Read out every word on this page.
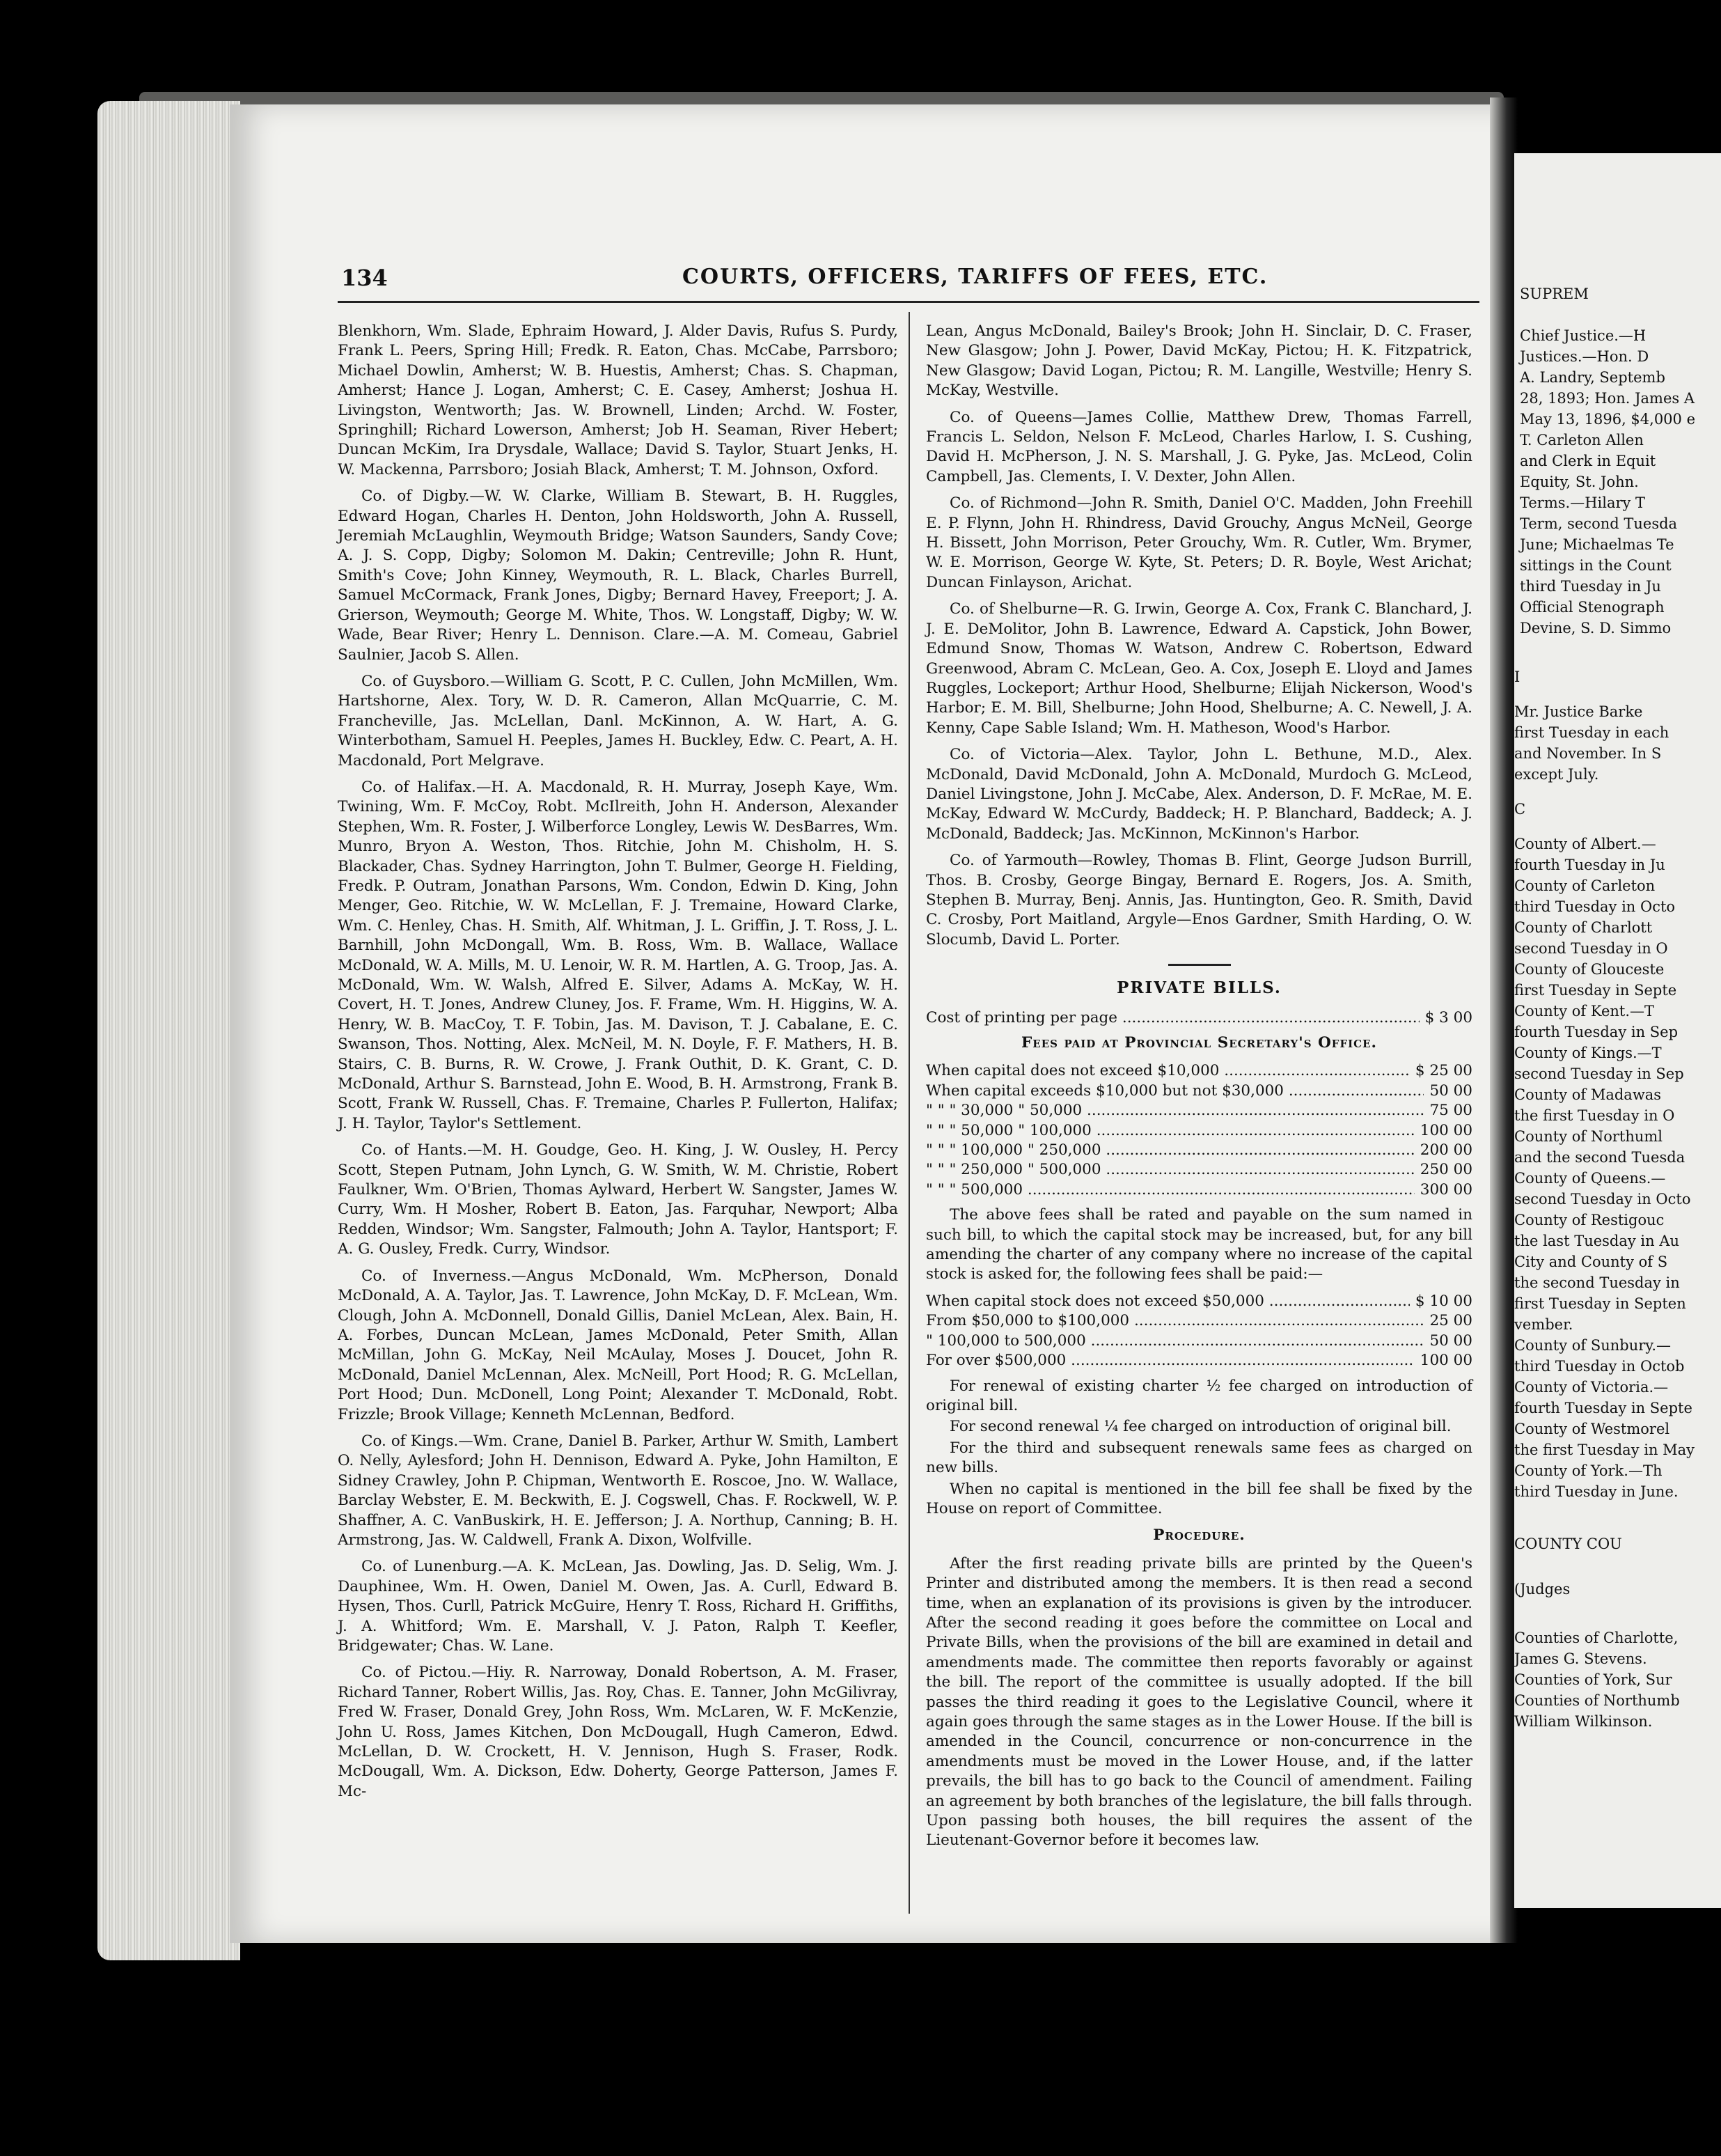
SUPREM
Chief Justice.—H
Justices.—Hon. D
A. Landry, Septemb
28, 1893; Hon. James A
May 13, 1896, $4,000 e
T. Carleton Allen
and Clerk in Equit
Equity, St. John.
Terms.—Hilary T
Term, second Tuesda
June; Michaelmas Te
sittings in the Count
third Tuesday in Ju
Official Stenograph
Devine, S. D. Simmo
I
Mr. Justice Barke
first Tuesday in each
and November. In S
except July.
C
County of Albert.—
fourth Tuesday in Ju
County of Carleton
third Tuesday in Octo
County of Charlott
second Tuesday in O
County of Glouceste
first Tuesday in Septe
County of Kent.—T
fourth Tuesday in Sep
County of Kings.—T
second Tuesday in Sep
County of Madawas
the first Tuesday in O
County of Northuml
and the second Tuesda
County of Queens.—
second Tuesday in Octo
County of Restigouc
the last Tuesday in Au
City and County of S
the second Tuesday in
first Tuesday in Septen
vember.
County of Sunbury.—
third Tuesday in Octob
County of Victoria.—
fourth Tuesday in Septe
County of Westmorel
the first Tuesday in May
County of York.—Th
third Tuesday in June.
COUNTY COU
(Judges
Counties of Charlotte,
James G. Stevens.
Counties of York, Sur
Counties of Northumb
William Wilkinson.
134	COURTS, OFFICERS, TARIFFS OF FEES, ETC.

Blenkhorn, Wm. Slade, Ephraim Howard, J. Alder Davis, Rufus S. Purdy, Frank L. Peers, Spring Hill; Fredk. R. Eaton, Chas. McCabe, Parrsboro; Michael Dowlin, Amherst; W. B. Huestis, Amherst; Chas. S. Chapman, Amherst; Hance J. Logan, Amherst; C. E. Casey, Amherst; Joshua H. Livingston, Wentworth; Jas. W. Brownell, Linden; Archd. W. Foster, Springhill; Richard Lowerson, Amherst; Job H. Seaman, River Hebert; Duncan McKim, Ira Drysdale, Wallace; David S. Taylor, Stuart Jenks, H. W. Mackenna, Parrsboro; Josiah Black, Amherst; T. M. Johnson, Oxford.

Co. of Digby.—W. W. Clarke, William B. Stewart, B. H. Ruggles, Edward Hogan, Charles H. Denton, John Holdsworth, John A. Russell, Jeremiah McLaughlin, Weymouth Bridge; Watson Saunders, Sandy Cove; A. J. S. Copp, Digby; Solomon M. Dakin; Centreville; John R. Hunt, Smith's Cove; John Kinney, Weymouth, R. L. Black, Charles Burrell, Samuel McCormack, Frank Jones, Digby; Bernard Havey, Freeport; J. A. Grierson, Weymouth; George M. White, Thos. W. Longstaff, Digby; W. W. Wade, Bear River; Henry L. Dennison. Clare.—A. M. Comeau, Gabriel Saulnier, Jacob S. Allen.

Co. of Guysboro.—William G. Scott, P. C. Cullen, John McMillen, Wm. Hartshorne, Alex. Tory, W. D. R. Cameron, Allan McQuarrie, C. M. Francheville, Jas. McLellan, Danl. McKinnon, A. W. Hart, A. G. Winterbotham, Samuel H. Peeples, James H. Buckley, Edw. C. Peart, A. H. Macdonald, Port Melgrave.

Co. of Halifax.—H. A. Macdonald, R. H. Murray, Joseph Kaye, Wm. Twining, Wm. F. McCoy, Robt. McIlreith, John H. Anderson, Alexander Stephen, Wm. R. Foster, J. Wilberforce Longley, Lewis W. DesBarres, Wm. Munro, Bryon A. Weston, Thos. Ritchie, John M. Chisholm, H. S. Blackader, Chas. Sydney Harrington, John T. Bulmer, George H. Fielding, Fredk. P. Outram, Jonathan Parsons, Wm. Condon, Edwin D. King, John Menger, Geo. Ritchie, W. W. McLellan, F. J. Tremaine, Howard Clarke, Wm. C. Henley, Chas. H. Smith, Alf. Whitman, J. L. Griffin, J. T. Ross, J. L. Barnhill, John McDongall, Wm. B. Ross, Wm. B. Wallace, Wallace McDonald, W. A. Mills, M. U. Lenoir, W. R. M. Hartlen, A. G. Troop, Jas. A. McDonald, Wm. W. Walsh, Alfred E. Silver, Adams A. McKay, W. H. Covert, H. T. Jones, Andrew Cluney, Jos. F. Frame, Wm. H. Higgins, W. A. Henry, W. B. MacCoy, T. F. Tobin, Jas. M. Davison, T. J. Cabalane, E. C. Swanson, Thos. Notting, Alex. McNeil, M. N. Doyle, F. F. Mathers, H. B. Stairs, C. B. Burns, R. W. Crowe, J. Frank Outhit, D. K. Grant, C. D. McDonald, Arthur S. Barnstead, John E. Wood, B. H. Armstrong, Frank B. Scott, Frank W. Russell, Chas. F. Tremaine, Charles P. Fullerton, Halifax; J. H. Taylor, Taylor's Settlement.

Co. of Hants.—M. H. Goudge, Geo. H. King, J. W. Ousley, H. Percy Scott, Stepen Putnam, John Lynch, G. W. Smith, W. M. Christie, Robert Faulkner, Wm. O'Brien, Thomas Aylward, Herbert W. Sangster, James W. Curry, Wm. H Mosher, Robert B. Eaton, Jas. Farquhar, Newport; Alba Redden, Windsor; Wm. Sangster, Falmouth; John A. Taylor, Hantsport; F. A. G. Ousley, Fredk. Curry, Windsor.

Co. of Inverness.—Angus McDonald, Wm. McPherson, Donald McDonald, A. A. Taylor, Jas. T. Lawrence, John McKay, D. F. McLean, Wm. Clough, John A. McDonnell, Donald Gillis, Daniel McLean, Alex. Bain, H. A. Forbes, Duncan McLean, James McDonald, Peter Smith, Allan McMillan, John G. McKay, Neil McAulay, Moses J. Doucet, John R. McDonald, Daniel McLennan, Alex. McNeill, Port Hood; R. G. McLellan, Port Hood; Dun. McDonell, Long Point; Alexander T. McDonald, Robt. Frizzle; Brook Village; Kenneth McLennan, Bedford.

Co. of Kings.—Wm. Crane, Daniel B. Parker, Arthur W. Smith, Lambert O. Nelly, Aylesford; John H. Dennison, Edward A. Pyke, John Hamilton, E Sidney Crawley, John P. Chipman, Wentworth E. Roscoe, Jno. W. Wallace, Barclay Webster, E. M. Beckwith, E. J. Cogswell, Chas. F. Rockwell, W. P. Shaffner, A. C. VanBuskirk, H. E. Jefferson; J. A. Northup, Canning; B. H. Armstrong, Jas. W. Caldwell, Frank A. Dixon, Wolfville.

Co. of Lunenburg.—A. K. McLean, Jas. Dowling, Jas. D. Selig, Wm. J. Dauphinee, Wm. H. Owen, Daniel M. Owen, Jas. A. Curll, Edward B. Hysen, Thos. Curll, Patrick McGuire, Henry T. Ross, Richard H. Griffiths, J. A. Whitford; Wm. E. Marshall, V. J. Paton, Ralph T. Keefler, Bridgewater; Chas. W. Lane.

Co. of Pictou.—Hiy. R. Narroway, Donald Robertson, A. M. Fraser, Richard Tanner, Robert Willis, Jas. Roy, Chas. E. Tanner, John McGilivray, Fred W. Fraser, Donald Grey, John Ross, Wm. McLaren, W. F. McKenzie, John U. Ross, James Kitchen, Don McDougall, Hugh Cameron, Edwd. McLellan, D. W. Crockett, H. V. Jennison, Hugh S. Fraser, Rodk. McDougall, Wm. A. Dickson, Edw. Doherty, George Patterson, James F. Mc-

Lean, Angus McDonald, Bailey's Brook; John H. Sinclair, D. C. Fraser, New Glasgow; John J. Power, David McKay, Pictou; H. K. Fitzpatrick, New Glasgow; David Logan, Pictou; R. M. Langille, Westville; Henry S. McKay, Westville.

Co. of Queens—James Collie, Matthew Drew, Thomas Farrell, Francis L. Seldon, Nelson F. McLeod, Charles Harlow, I. S. Cushing, David H. McPherson, J. N. S. Marshall, J. G. Pyke, Jas. McLeod, Colin Campbell, Jas. Clements, I. V. Dexter, John Allen.

Co. of Richmond—John R. Smith, Daniel O'C. Madden, John Freehill E. P. Flynn, John H. Rhindress, David Grouchy, Angus McNeil, George H. Bissett, John Morrison, Peter Grouchy, Wm. R. Cutler, Wm. Brymer, W. E. Morrison, George W. Kyte, St. Peters; D. R. Boyle, West Arichat; Duncan Finlayson, Arichat.

Co. of Shelburne—R. G. Irwin, George A. Cox, Frank C. Blanchard, J. J. E. DeMolitor, John B. Lawrence, Edward A. Capstick, John Bower, Edmund Snow, Thomas W. Watson, Andrew C. Robertson, Edward Greenwood, Abram C. McLean, Geo. A. Cox, Joseph E. Lloyd and James Ruggles, Lockeport; Arthur Hood, Shelburne; Elijah Nickerson, Wood's Harbor; E. M. Bill, Shelburne; John Hood, Shelburne; A. C. Newell, J. A. Kenny, Cape Sable Island; Wm. H. Matheson, Wood's Harbor.

Co. of Victoria—Alex. Taylor, John L. Bethune, M.D., Alex. McDonald, David McDonald, John A. McDonald, Murdoch G. McLeod, Daniel Livingstone, John J. McCabe, Alex. Anderson, D. F. McRae, M. E. McKay, Edward W. McCurdy, Baddeck; H. P. Blanchard, Baddeck; A. J. McDonald, Baddeck; Jas. McKinnon, McKinnon's Harbor.

Co. of Yarmouth—Rowley, Thomas B. Flint, George Judson Burrill, Thos. B. Crosby, George Bingay, Bernard E. Rogers, Jos. A. Smith, Stephen B. Murray, Benj. Annis, Jas. Huntington, Geo. R. Smith, David C. Crosby, Port Maitland, Argyle—Enos Gardner, Smith Harding, O. W. Slocumb, David L. Porter.

PRIVATE BILLS.
Cost of printing per page .....	$ 3 00
Fees paid at Provincial Secretary's Office.
When capital does not exceed $10,000 .....	$ 25 00
When capital exceeds $10,000 but not $30,000 .....	50 00
" " " 30,000 " 50,000 .....	75 00
" " " 50,000 " 100,000 .....	100 00
" " " 100,000 " 250,000 .....	200 00
" " " 250,000 " 500,000 .....	250 00
" " " 500,000 .....	300 00

The above fees shall be rated and payable on the sum named in such bill, to which the capital stock may be increased, but, for any bill amending the charter of any company where no increase of the capital stock is asked for, the following fees shall be paid:—

When capital stock does not exceed $50,000 .....	$ 10 00
From $50,000 to $100,000 .....	25 00
" 100,000 to 500,000 .....	50 00
For over $500,000 .....	100 00

For renewal of existing charter ½ fee charged on introduction of original bill.

For second renewal ¼ fee charged on introduction of original bill.

For the third and subsequent renewals same fees as charged on new bills.

When no capital is mentioned in the bill fee shall be fixed by the House on report of Committee.

Procedure.

After the first reading private bills are printed by the Queen's Printer and distributed among the members. It is then read a second time, when an explanation of its provisions is given by the introducer. After the second reading it goes before the committee on Local and Private Bills, when the provisions of the bill are examined in detail and amendments made. The committee then reports favorably or against the bill. The report of the committee is usually adopted. If the bill passes the third reading it goes to the Legislative Council, where it again goes through the same stages as in the Lower House. If the bill is amended in the Council, concurrence or non-concurrence in the amendments must be moved in the Lower House, and, if the latter prevails, the bill has to go back to the Council of amendment. Failing an agreement by both branches of the legislature, the bill falls through. Upon passing both houses, the bill requires the assent of the Lieutenant-Governor before it becomes law.
